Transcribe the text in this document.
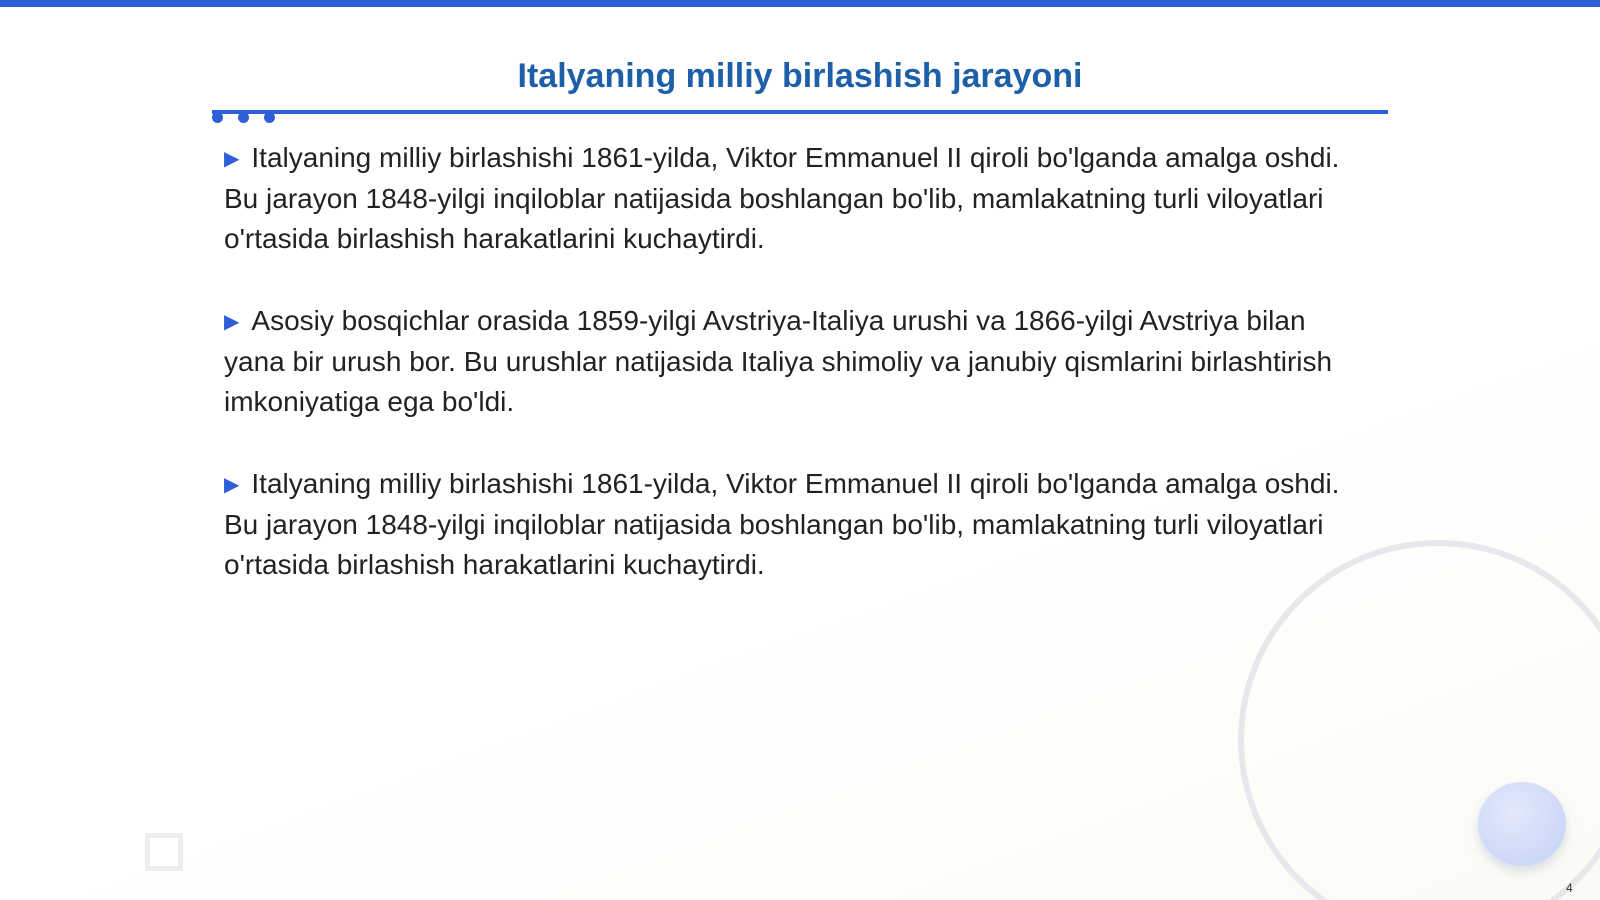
Italyaning milliy birlashish jarayoni

▶ Italyaning milliy birlashishi 1861-yilda, Viktor Emmanuel II qiroli bo'lganda amalga oshdi. Bu jarayon 1848-yilgi inqiloblar natijasida boshlangan bo'lib, mamlakatning turli viloyatlari o'rtasida birlashish harakatlarini kuchaytirdi.

▶ Asosiy bosqichlar orasida 1859-yilgi Avstriya-Italiya urushi va 1866-yilgi Avstriya bilan yana bir urush bor. Bu urushlar natijasida Italiya shimoliy va janubiy qismlarini birlashtirish imkoniyatiga ega bo'ldi.

▶ Italyaning milliy birlashishi 1861-yilda, Viktor Emmanuel II qiroli bo'lganda amalga oshdi. Bu jarayon 1848-yilgi inqiloblar natijasida boshlangan bo'lib, mamlakatning turli viloyatlari o'rtasida birlashish harakatlarini kuchaytirdi.

4
